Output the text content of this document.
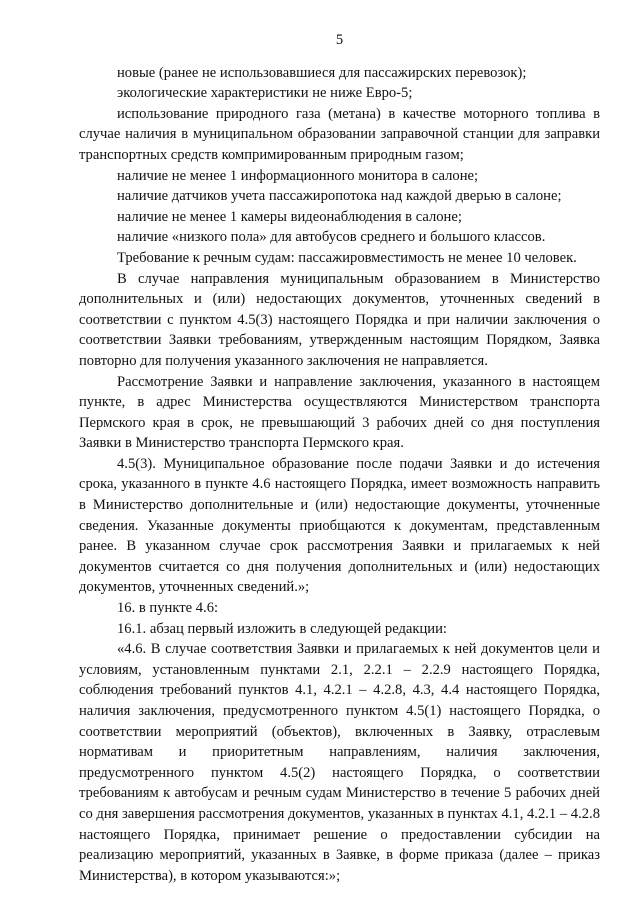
5

новые (ранее не использовавшиеся для пассажирских перевозок);

экологические характеристики не ниже Евро-5;

использование природного газа (метана) в качестве моторного топлива в случае наличия в муниципальном образовании заправочной станции для заправки транспортных средств компримированным природным газом;

наличие не менее 1 информационного монитора в салоне;

наличие датчиков учета пассажиропотока над каждой дверью в салоне;

наличие не менее 1 камеры видеонаблюдения в салоне;

наличие «низкого пола» для автобусов среднего и большого классов.

Требование к речным судам: пассажировместимость не менее 10 человек.

В случае направления муниципальным образованием в Министерство дополнительных и (или) недостающих документов, уточненных сведений в соответствии с пунктом 4.5(3) настоящего Порядка и при наличии заключения о соответствии Заявки требованиям, утвержденным настоящим Порядком, Заявка повторно для получения указанного заключения не направляется.

Рассмотрение Заявки и направление заключения, указанного в настоящем пункте, в адрес Министерства осуществляются Министерством транспорта Пермского края в срок, не превышающий 3 рабочих дней со дня поступления Заявки в Министерство транспорта Пермского края.

4.5(3). Муниципальное образование после подачи Заявки и до истечения срока, указанного в пункте 4.6 настоящего Порядка, имеет возможность направить в Министерство дополнительные и (или) недостающие документы, уточненные сведения. Указанные документы приобщаются к документам, представленным ранее. В указанном случае срок рассмотрения Заявки и прилагаемых к ней документов считается со дня получения дополнительных и (или) недостающих документов, уточненных сведений.»;

16. в пункте 4.6:

16.1. абзац первый изложить в следующей редакции:

«4.6. В случае соответствия Заявки и прилагаемых к ней документов цели и условиям, установленным пунктами 2.1, 2.2.1 – 2.2.9 настоящего Порядка, соблюдения требований пунктов 4.1, 4.2.1 – 4.2.8, 4.3, 4.4 настоящего Порядка, наличия заключения, предусмотренного пунктом 4.5(1) настоящего Порядка, о соответствии мероприятий (объектов), включенных в Заявку, отраслевым нормативам и приоритетным направлениям, наличия заключения, предусмотренного пунктом 4.5(2) настоящего Порядка, о соответствии требованиям к автобусам и речным судам Министерство в течение 5 рабочих дней со дня завершения рассмотрения документов, указанных в пунктах 4.1, 4.2.1 – 4.2.8 настоящего Порядка, принимает решение о предоставлении субсидии на реализацию мероприятий, указанных в Заявке, в форме приказа (далее – приказ Министерства), в котором указываются:»;
